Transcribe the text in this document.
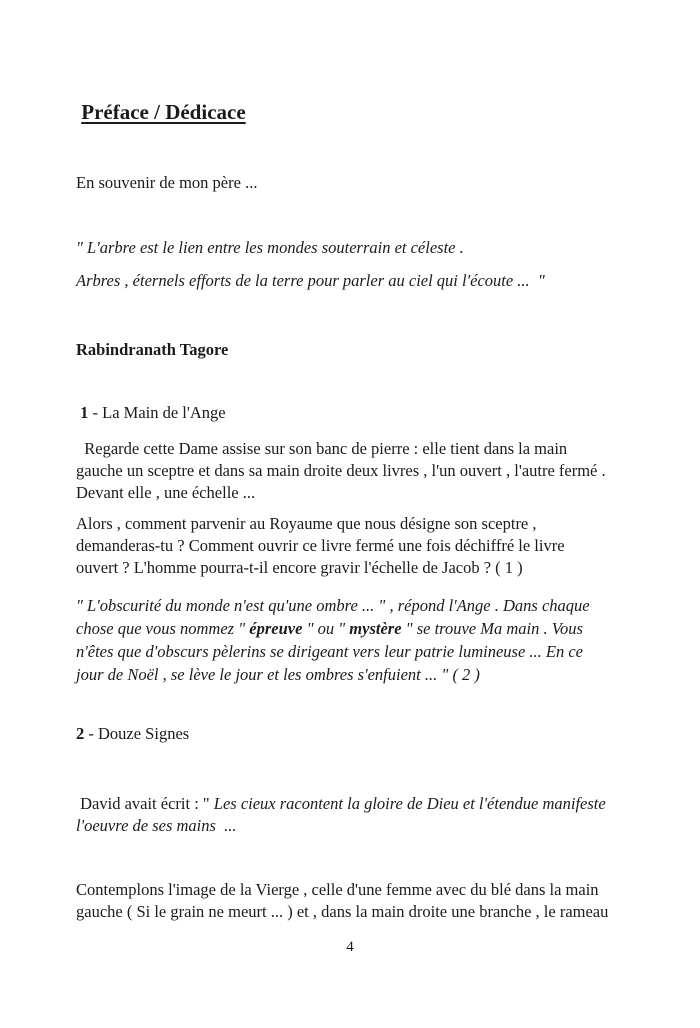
Préface / Dédicace
En souvenir de mon père ...
" L'arbre est le lien entre les mondes souterrain et céleste .
Arbres , éternels efforts de la terre pour parler au ciel qui l'écoute ...  "
Rabindranath Tagore
1 - La Main de l'Ange
Regarde cette Dame assise sur son banc de pierre : elle tient dans la main
gauche un sceptre et dans sa main droite deux livres , l'un ouvert , l'autre fermé .
Devant elle , une échelle ...
Alors , comment parvenir au Royaume que nous désigne son sceptre ,
demanderas-tu ? Comment ouvrir ce livre fermé une fois déchiffré le livre
ouvert ? L'homme pourra-t-il encore gravir l'échelle de Jacob ? ( 1 )
" L'obscurité du monde n'est qu'une ombre ... " , répond l'Ange . Dans chaque
chose que vous nommez " épreuve " ou " mystère " se trouve Ma main . Vous
n'êtes que d'obscurs pèlerins se dirigeant vers leur patrie lumineuse ... En ce
jour de Noël , se lève le jour et les ombres s'enfuient ... " ( 2 )
2 - Douze Signes
David avait écrit : " Les cieux racontent la gloire de Dieu et l'étendue manifeste
l'oeuvre de ses mains  ...
Contemplons l'image de la Vierge , celle d'une femme avec du blé dans la main
gauche ( Si le grain ne meurt ... ) et , dans la main droite une branche , le rameau
4
